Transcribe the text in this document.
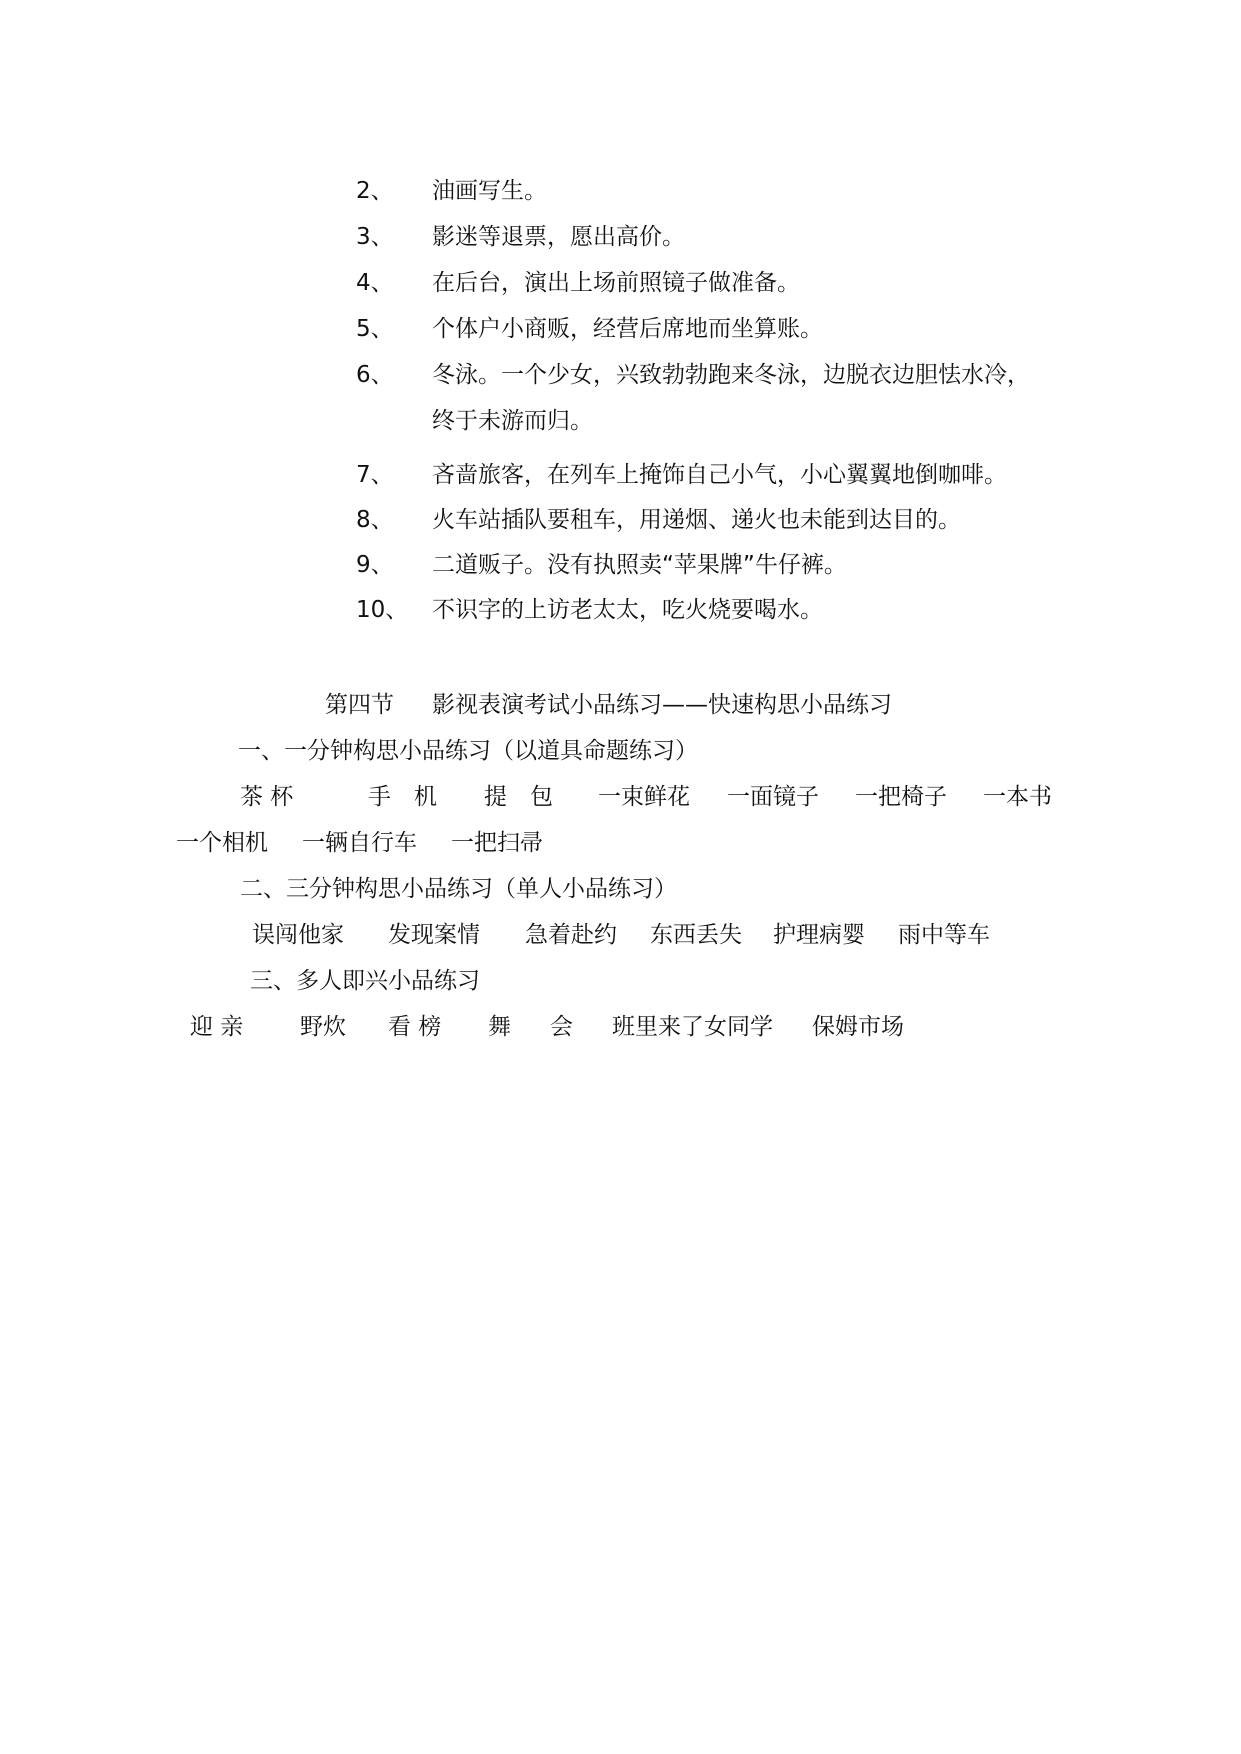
2、 油画写生。
3、 影迷等退票，愿出高价。
4、 在后台，演出上场前照镜子做准备。
5、 个体户小商贩，经营后席地而坐算账。
6、 冬泳。一个少女，兴致勃勃跑来冬泳，边脱衣边胆怯水冷，
终于未游而归。
7、 吝啬旅客，在列车上掩饰自己小气，小心翼翼地倒咖啡。
8、 火车站插队要租车，用递烟、递火也未能到达目的。
9、 二道贩子。没有执照卖“苹果牌”牛仔裤。
10、 不识字的上访老太太，吃火烧要喝水。

第四节

影视表演考试小品练习——快速构思小品练习

一、一分钟构思小品练习（以道具命题练习）

茶 杯

	手　机

提　包

一束鲜花

一面镜子

一把椅子

一本书

一个相机

一辆自行车

一把扫帚

二、三分钟构思小品练习（单人小品练习）

误闯他家

发现案情

急着赴约

东西丢失

护理病婴

雨中等车

三、多人即兴小品练习

迎 亲

野炊

看 榜

舞

会

班里来了女同学

保姆市场
